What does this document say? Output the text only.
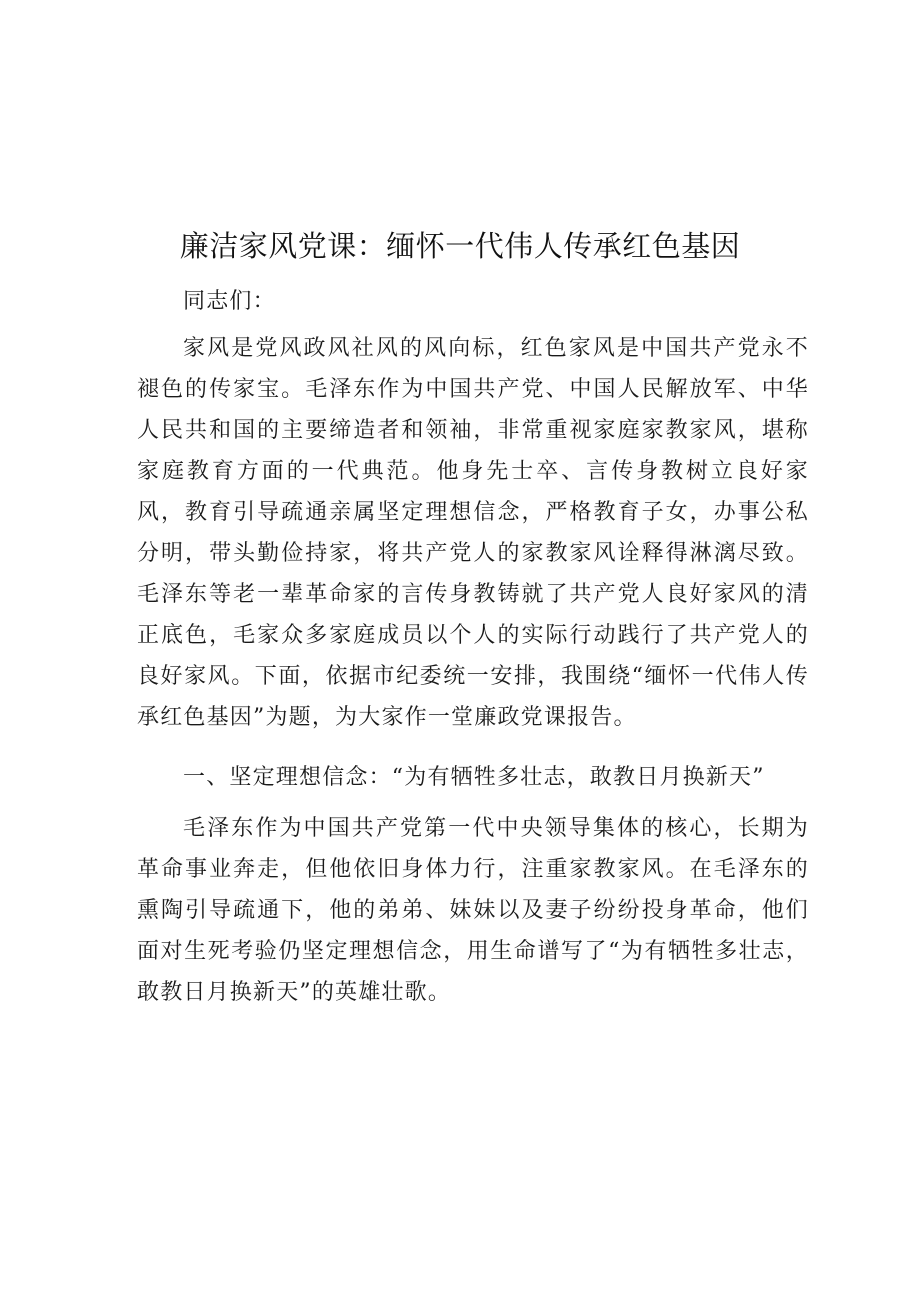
廉洁家风党课：缅怀一代伟人传承红色基因

同志们：

家风是党风政风社风的风向标，红色家风是中国共产党永不褪色的传家宝。毛泽东作为中国共产党、中国人民解放军、中华人民共和国的主要缔造者和领袖，非常重视家庭家教家风，堪称家庭教育方面的一代典范。他身先士卒、言传身教树立良好家风，教育引导疏通亲属坚定理想信念，严格教育子女，办事公私分明，带头勤俭持家，将共产党人的家教家风诠释得淋漓尽致。毛泽东等老一辈革命家的言传身教铸就了共产党人良好家风的清正底色，毛家众多家庭成员以个人的实际行动践行了共产党人的良好家风。下面，依据市纪委统一安排，我围绕“缅怀一代伟人传承红色基因”为题，为大家作一堂廉政党课报告。

一、坚定理想信念：“为有牺牲多壮志，敢教日月换新天”

毛泽东作为中国共产党第一代中央领导集体的核心，长期为革命事业奔走，但他依旧身体力行，注重家教家风。在毛泽东的熏陶引导疏通下，他的弟弟、妹妹以及妻子纷纷投身革命，他们面对生死考验仍坚定理想信念，用生命谱写了“为有牺牲多壮志，敢教日月换新天”的英雄壮歌。
